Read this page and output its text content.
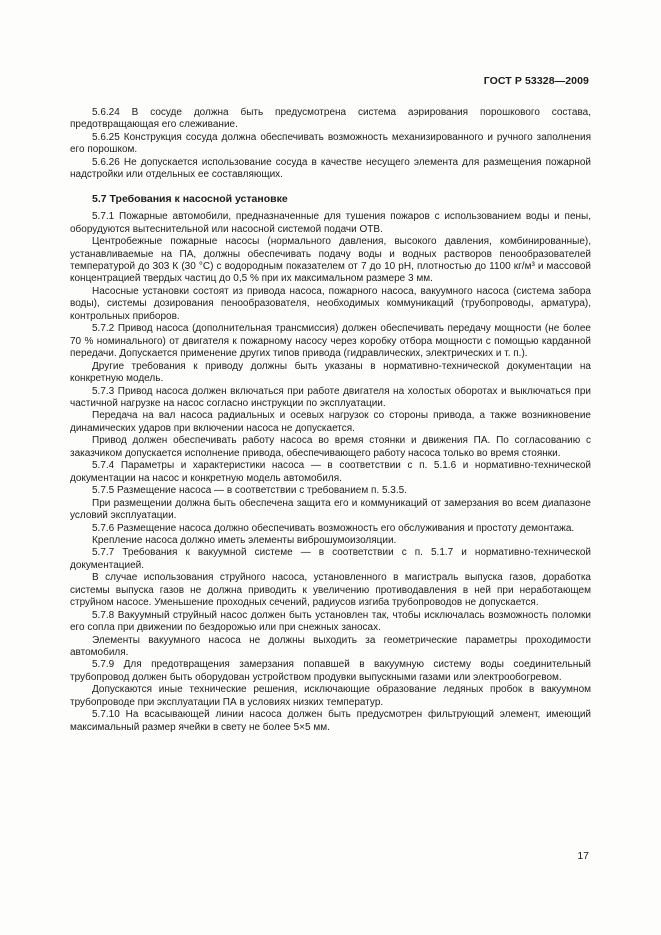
ГОСТ Р 53328—2009

5.6.24 В сосуде должна быть предусмотрена система аэрирования порошкового состава, предотвращающая его слеживание.

5.6.25 Конструкция сосуда должна обеспечивать возможность механизированного и ручного заполнения его порошком.

5.6.26 Не допускается использование сосуда в качестве несущего элемента для размещения пожарной надстройки или отдельных ее составляющих.

5.7 Требования к насосной установке

5.7.1 Пожарные автомобили, предназначенные для тушения пожаров с использованием воды и пены, оборудуются вытеснительной или насосной системой подачи ОТВ.

Центробежные пожарные насосы (нормального давления, высокого давления, комбинированные), устанавливаемые на ПА, должны обеспечивать подачу воды и водных растворов пенообразователей температурой до 303 К (30 °С) с водородным показателем от 7 до 10 рН, плотностью до 1100 кг/м³ и массовой концентрацией твердых частиц до 0,5 % при их максимальном размере 3 мм.

Насосные установки состоят из привода насоса, пожарного насоса, вакуумного насоса (система забора воды), системы дозирования пенообразователя, необходимых коммуникаций (трубопроводы, арматура), контрольных приборов.

5.7.2 Привод насоса (дополнительная трансмиссия) должен обеспечивать передачу мощности (не более 70 % номинального) от двигателя к пожарному насосу через коробку отбора мощности с помощью карданной передачи. Допускается применение других типов привода (гидравлических, электрических и т. п.).

Другие требования к приводу должны быть указаны в нормативно-технической документации на конкретную модель.

5.7.3 Привод насоса должен включаться при работе двигателя на холостых оборотах и выключаться при частичной нагрузке на насос согласно инструкции по эксплуатации.

Передача на вал насоса радиальных и осевых нагрузок со стороны привода, а также возникновение динамических ударов при включении насоса не допускается.

Привод должен обеспечивать работу насоса во время стоянки и движения ПА. По согласованию с заказчиком допускается исполнение привода, обеспечивающего работу насоса только во время стоянки.

5.7.4 Параметры и характеристики насоса — в соответствии с п. 5.1.6 и нормативно-технической документации на насос и конкретную модель автомобиля.

5.7.5 Размещение насоса — в соответствии с требованием п. 5.3.5.

При размещении должна быть обеспечена защита его и коммуникаций от замерзания во всем диапазоне условий эксплуатации.

5.7.6 Размещение насоса должно обеспечивать возможность его обслуживания и простоту демонтажа.

Крепление насоса должно иметь элементы виброшумоизоляции.

5.7.7 Требования к вакуумной системе — в соответствии с п. 5.1.7 и нормативно-технической документацией.

В случае использования струйного насоса, установленного в магистраль выпуска газов, доработка системы выпуска газов не должна приводить к увеличению противодавления в ней при неработающем струйном насосе. Уменьшение проходных сечений, радиусов изгиба трубопроводов не допускается.

5.7.8 Вакуумный струйный насос должен быть установлен так, чтобы исключалась возможность поломки его сопла при движении по бездорожью или при снежных заносах.

Элементы вакуумного насоса не должны выходить за геометрические параметры проходимости автомобиля.

5.7.9 Для предотвращения замерзания попавшей в вакуумную систему воды соединительный трубопровод должен быть оборудован устройством продувки выпускными газами или электрообогревом.

Допускаются иные технические решения, исключающие образование ледяных пробок в вакуумном трубопроводе при эксплуатации ПА в условиях низких температур.

5.7.10 На всасывающей линии насоса должен быть предусмотрен фильтрующий элемент, имеющий максимальный размер ячейки в свету не более 5×5 мм.

17
